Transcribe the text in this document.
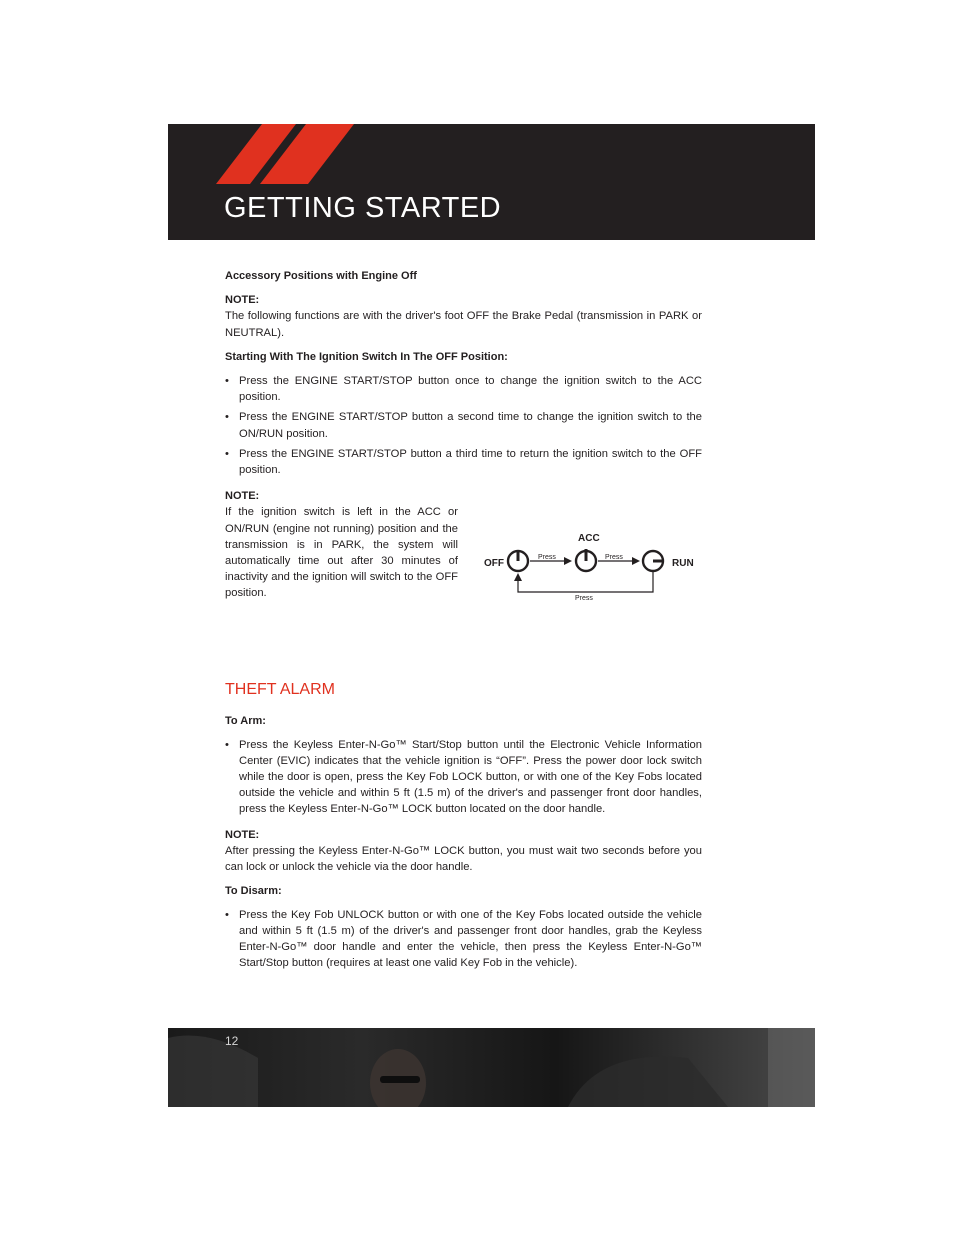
GETTING STARTED
Accessory Positions with Engine Off
NOTE:
The following functions are with the driver's foot OFF the Brake Pedal (transmission in PARK or NEUTRAL).
Starting With The Ignition Switch In The OFF Position:
• Press the ENGINE START/STOP button once to change the ignition switch to the ACC position.
• Press the ENGINE START/STOP button a second time to change the ignition switch to the ON/RUN position.
• Press the ENGINE START/STOP button a third time to return the ignition switch to the OFF position.
NOTE:
If the ignition switch is left in the ACC or ON/RUN (engine not running) position and the transmission is in PARK, the system will automatically time out after 30 minutes of inactivity and the ignition will switch to the OFF position.
OFF
Press
ACC
Press
RUN
Press
THEFT ALARM
To Arm:
• Press the Keyless Enter-N-Go™ Start/Stop button until the Electronic Vehicle Information Center (EVIC) indicates that the vehicle ignition is “OFF”. Press the power door lock switch while the door is open, press the Key Fob LOCK button, or with one of the Key Fobs located outside the vehicle and within 5 ft (1.5 m) of the driver's and passenger front door handles, press the Keyless Enter-N-Go™ LOCK button located on the door handle.
NOTE:
After pressing the Keyless Enter-N-Go™ LOCK button, you must wait two seconds before you can lock or unlock the vehicle via the door handle.
To Disarm:
• Press the Key Fob UNLOCK button or with one of the Key Fobs located outside the vehicle and within 5 ft (1.5 m) of the driver's and passenger front door handles, grab the Keyless Enter-N-Go™ door handle and enter the vehicle, then press the Keyless Enter-N-Go™ Start/Stop button (requires at least one valid Key Fob in the vehicle).
12
